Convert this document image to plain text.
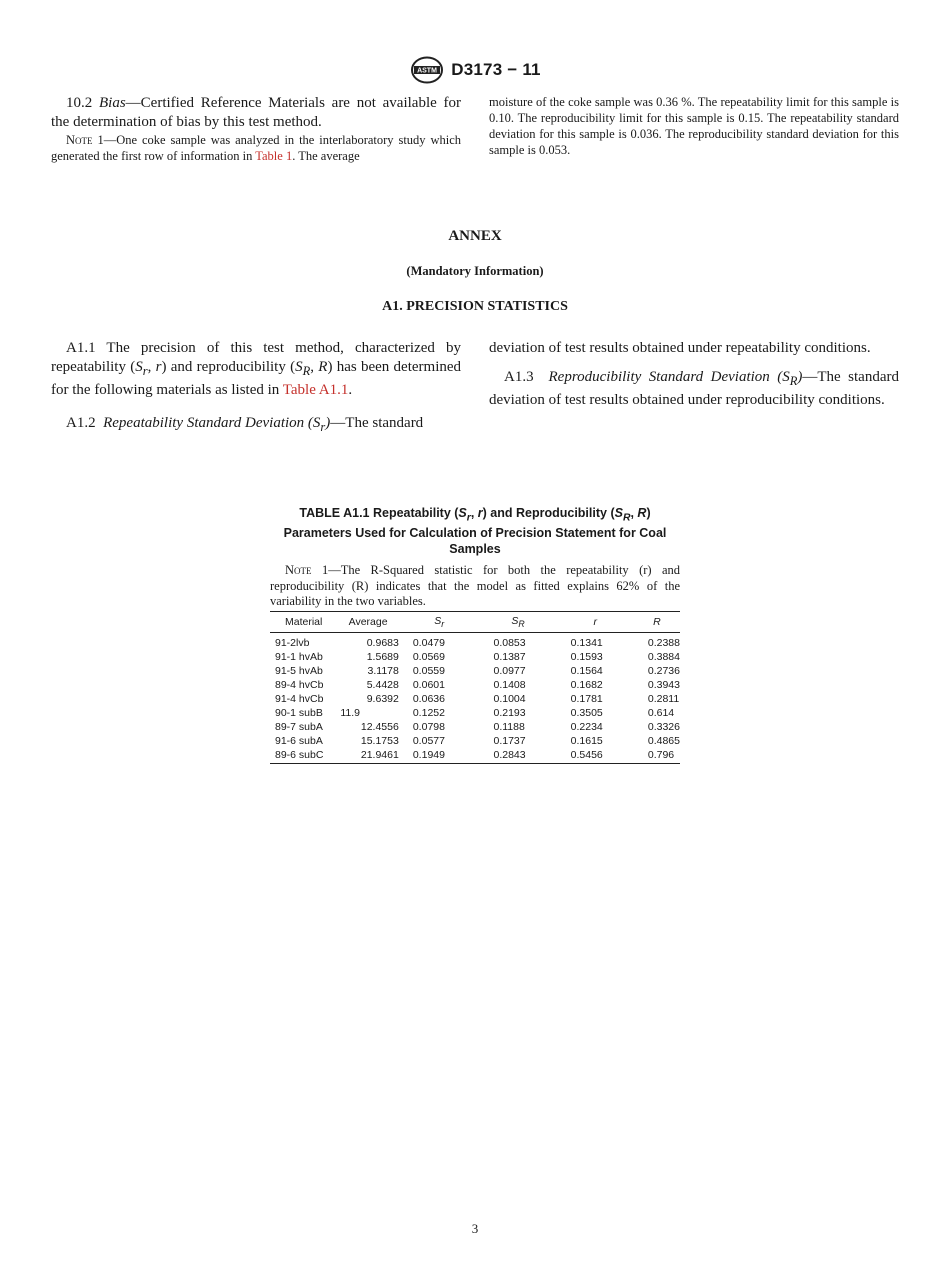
ASTM D3173 − 11

10.2 Bias—Certified Reference Materials are not available for the determination of bias by this test method.

Note 1—One coke sample was analyzed in the interlaboratory study which generated the first row of information in Table 1. The average

moisture of the coke sample was 0.36 %. The repeatability limit for this sample is 0.10. The reproducibility limit for this sample is 0.15. The repeatability standard deviation for this sample is 0.036. The reproducibility standard deviation for this sample is 0.053.

ANNEX
(Mandatory Information)
A1. PRECISION STATISTICS

A1.1 The precision of this test method, characterized by repeatability ($S_r$, r) and reproducibility ($S_R$, R) has been determined for the following materials as listed in Table A1.1.

A1.2 Repeatability Standard Deviation $(S_r)—The$ standard

deviation of test results obtained under repeatability conditions.

A1.3 Reproducibility Standard Deviation $(S_R)—The$ standard deviation of test results obtained under reproducibility conditions.

TABLE A1.1 Repeatability ($S_r$, r) and Reproducibility ($S_R$, R) Parameters Used for Calculation of Precision Statement for Coal Samples

Note 1—The R-Squared statistic for both the repeatability (r) and reproducibility (R) indicates that the model as fitted explains 62% of the variability in the two variables.

Material	Average	$S_r$	$S_R$	r	R
91-2lvb	0.9683	0.0479	0.0853	0.1341	0.2388
91-1 hvAb	1.5689	0.0569	0.1387	0.1593	0.3884
91-5 hvAb	3.1178	0.0559	0.0977	0.1564	0.2736
89-4 hvCb	5.4428	0.0601	0.1408	0.1682	0.3943
91-4 hvCb	9.6392	0.0636	0.1004	0.1781	0.2811
90-1 subB	11.9	0.1252	0.2193	0.3505	0.614
89-7 subA	12.4556	0.0798	0.1188	0.2234	0.3326
91-6 subA	15.1753	0.0577	0.1737	0.1615	0.4865
89-6 subC	21.9461	0.1949	0.2843	0.5456	0.796
3
